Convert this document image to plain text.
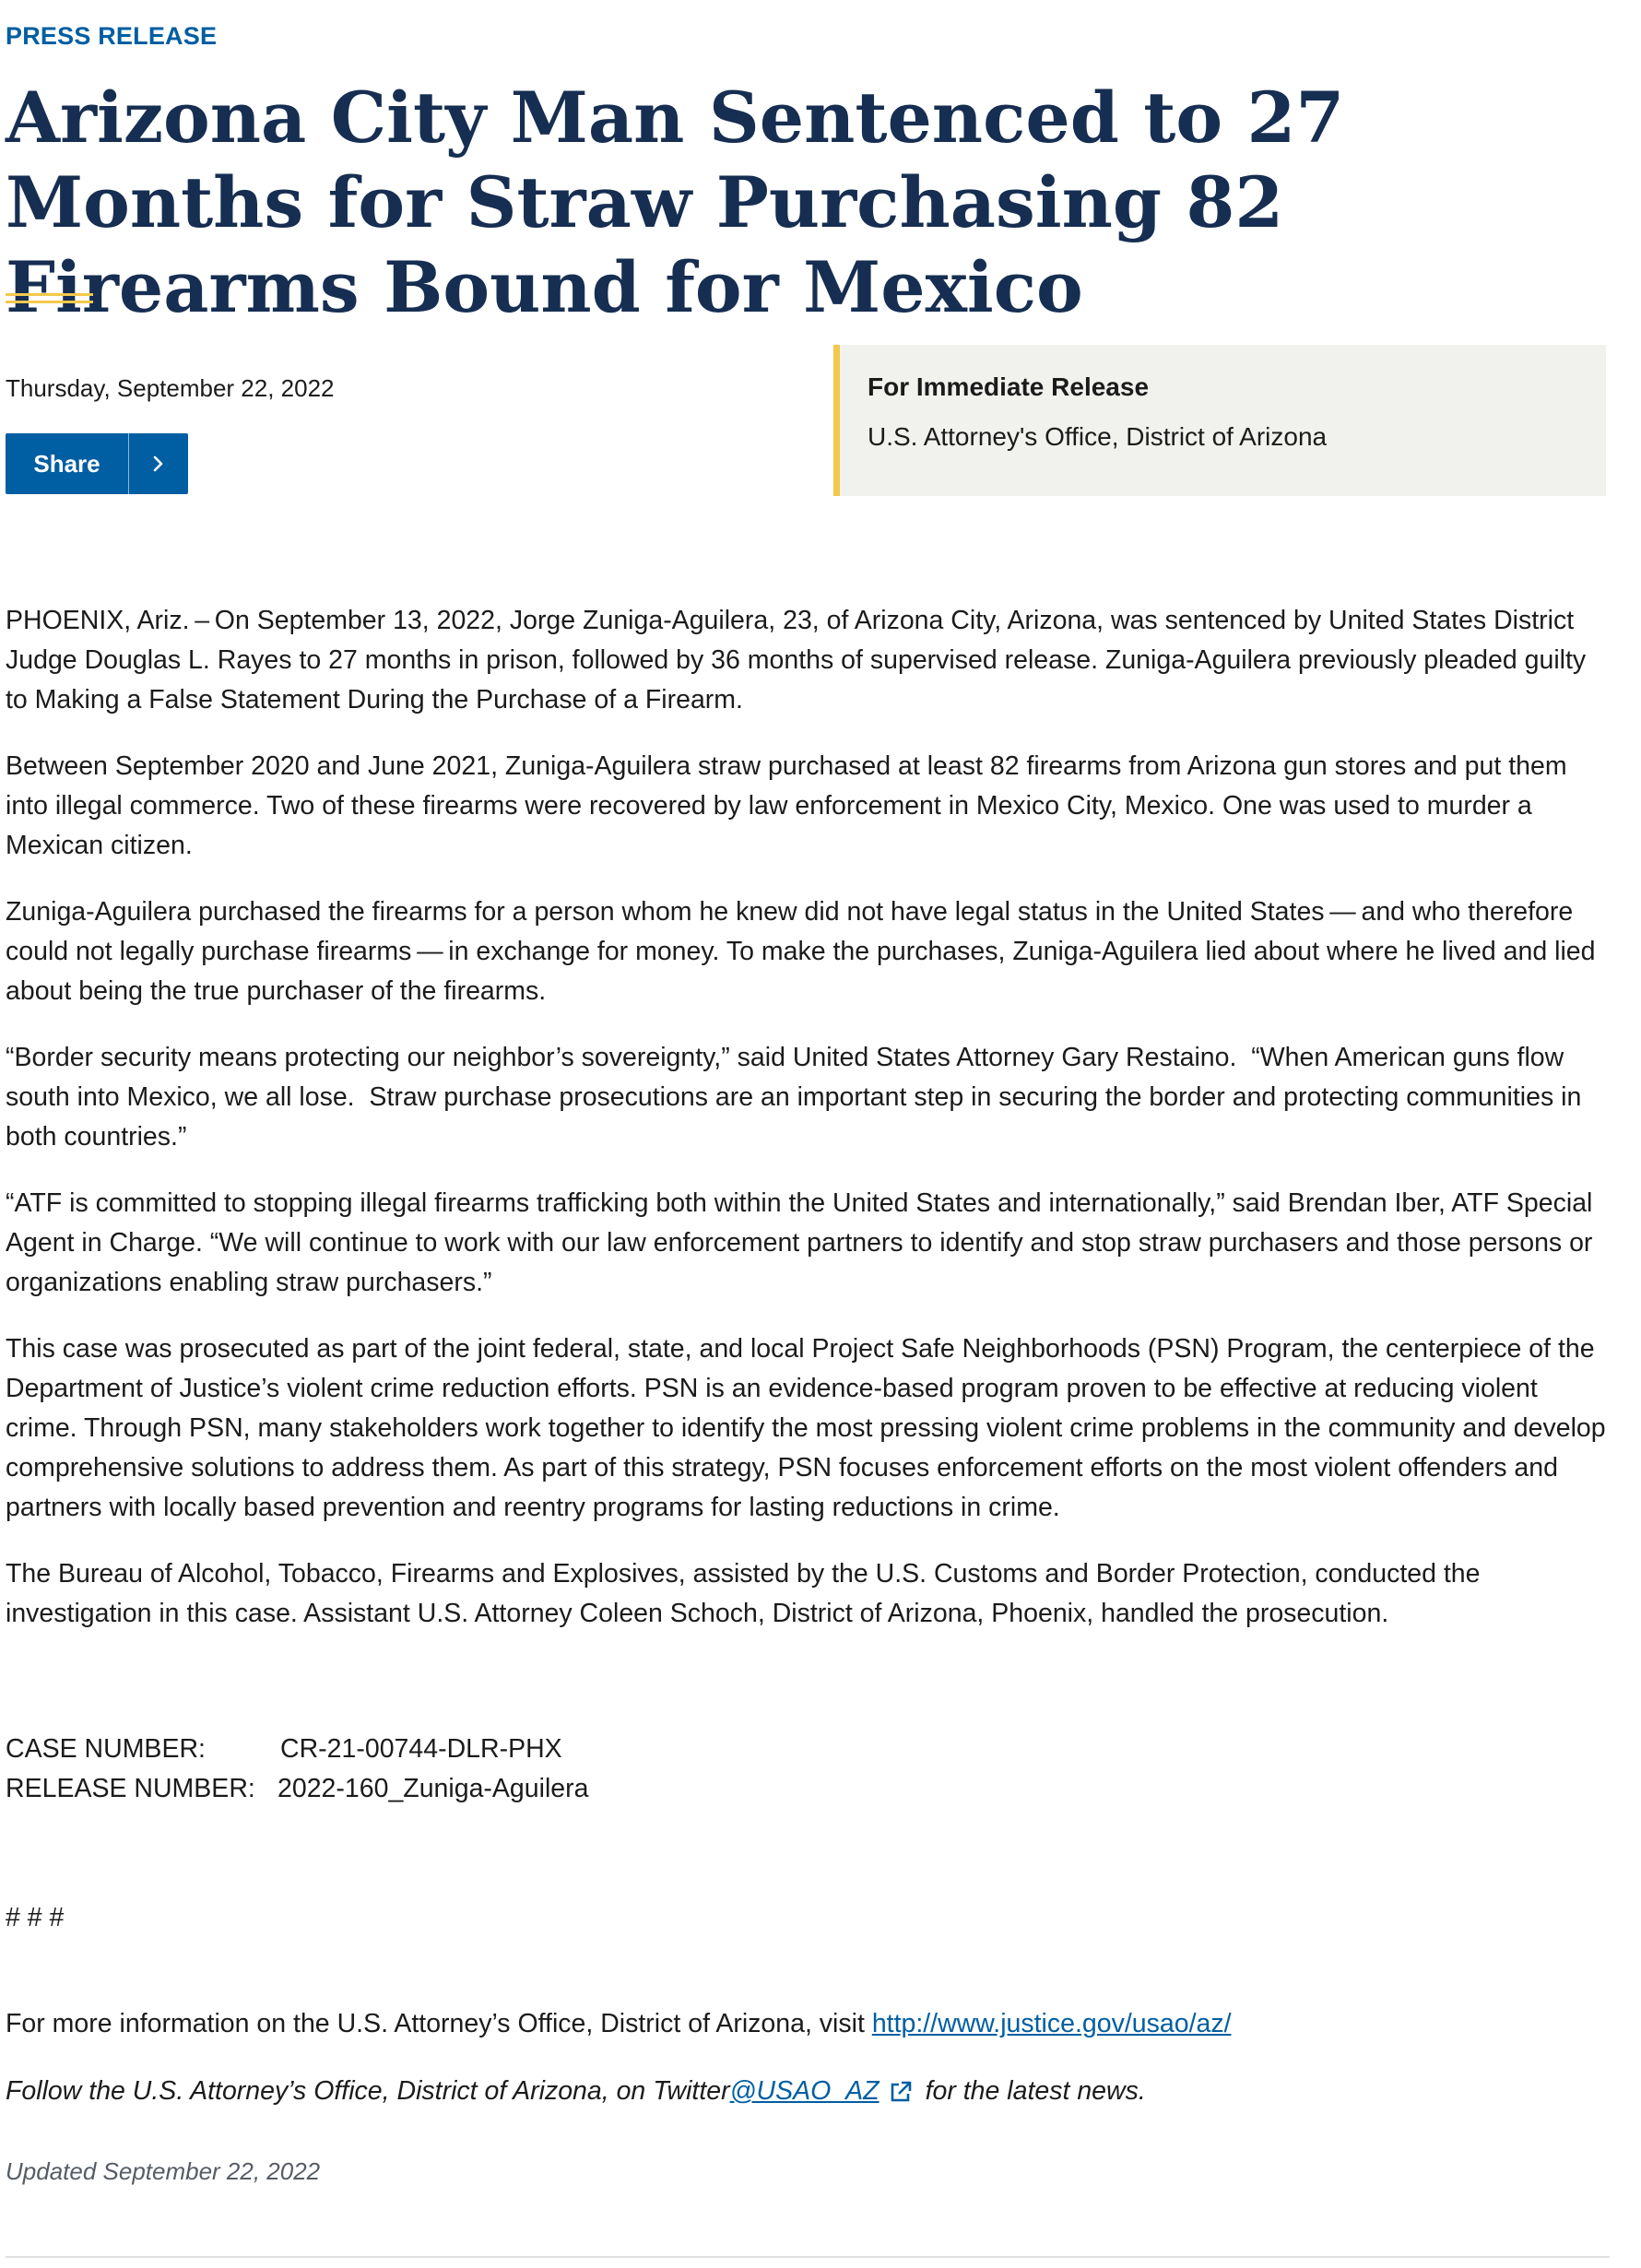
PRESS RELEASE
Arizona City Man Sentenced to 27 Months for Straw Purchasing 82 Firearms Bound for Mexico
Thursday, September 22, 2022
Share
For Immediate Release
U.S. Attorney's Office, District of Arizona

PHOENIX, Ariz. – On September 13, 2022, Jorge Zuniga-Aguilera, 23, of Arizona City, Arizona, was sentenced by United States District Judge Douglas L. Rayes to 27 months in prison, followed by 36 months of supervised release. Zuniga-Aguilera previously pleaded guilty to Making a False Statement During the Purchase of a Firearm.

Between September 2020 and June 2021, Zuniga-Aguilera straw purchased at least 82 firearms from Arizona gun stores and put them into illegal commerce. Two of these firearms were recovered by law enforcement in Mexico City, Mexico. One was used to murder a Mexican citizen.

Zuniga-Aguilera purchased the firearms for a person whom he knew did not have legal status in the United States — and who therefore could not legally purchase firearms — in exchange for money. To make the purchases, Zuniga-Aguilera lied about where he lived and lied about being the true purchaser of the firearms.

“Border security means protecting our neighbor’s sovereignty,” said United States Attorney Gary Restaino.  “When American guns flow south into Mexico, we all lose.  Straw purchase prosecutions are an important step in securing the border and protecting communities in both countries.”

“ATF is committed to stopping illegal firearms trafficking both within the United States and internationally,” said Brendan Iber, ATF Special Agent in Charge. “We will continue to work with our law enforcement partners to identify and stop straw purchasers and those persons or organizations enabling straw purchasers.”

This case was prosecuted as part of the joint federal, state, and local Project Safe Neighborhoods (PSN) Program, the centerpiece of the Department of Justice’s violent crime reduction efforts. PSN is an evidence-based program proven to be effective at reducing violent crime. Through PSN, many stakeholders work together to identify the most pressing violent crime problems in the community and develop comprehensive solutions to address them. As part of this strategy, PSN focuses enforcement efforts on the most violent offenders and partners with locally based prevention and reentry programs for lasting reductions in crime.

The Bureau of Alcohol, Tobacco, Firearms and Explosives, assisted by the U.S. Customs and Border Protection, conducted the investigation in this case. Assistant U.S. Attorney Coleen Schoch, District of Arizona, Phoenix, handled the prosecution.

CASE NUMBER:	CR-21-00744-DLR-PHX
RELEASE NUMBER: 2022-160_Zuniga-Aguilera
# # #
For more information on the U.S. Attorney’s Office, District of Arizona, visit http://www.justice.gov/usao/az/
Follow the U.S. Attorney’s Office, District of Arizona, on Twitter @USAO_AZ for the latest news.
Updated September 22, 2022
